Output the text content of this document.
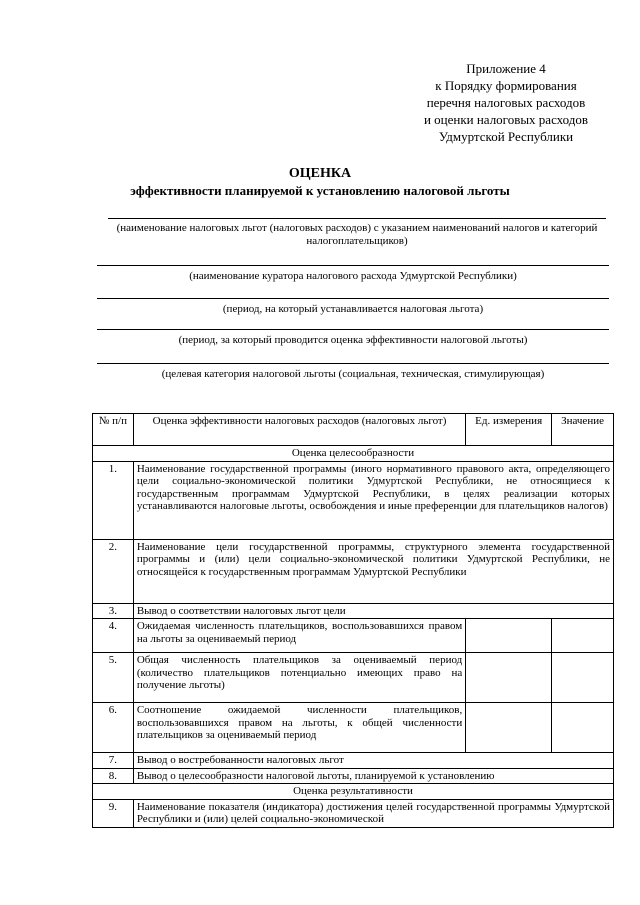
Приложение 4
к Порядку формирования
перечня налоговых расходов
и оценки налоговых расходов
Удмуртской Республики
ОЦЕНКА
эффективности планируемой к установлению налоговой льготы
(наименование налоговых льгот (налоговых расходов) с указанием наименований налогов и категорий налогоплательщиков)
(наименование куратора налогового расхода Удмуртской Республики)
(период, на который устанавливается налоговая льгота)
(период, за который проводится оценка эффективности налоговой льготы)
(целевая категория налоговой льготы (социальная, техническая, стимулирующая)
№ п/п	Оценка эффективности налоговых расходов (налоговых льгот)	Ед. измерения	Значение
Оценка целесообразности			
1.	Наименование государственной программы (иного нормативного правового акта, определяющего цели социально-экономической политики Удмуртской Республики, не относящиеся к государственным программам Удмуртской Республики, в целях реализации которых устанавливаются налоговые льготы, освобождения и иные преференции для плательщиков налогов)		
2.	Наименование цели государственной программы, структурного элемента государственной программы и (или) цели социально-экономической политики Удмуртской Республики, не относящейся к государственным программам Удмуртской Республики		
3.	Вывод о соответствии налоговых льгот цели		
4.	Ожидаемая численность плательщиков, воспользовавшихся правом на льготы за оцениваемый период		
5.	Общая численность плательщиков за оцениваемый период (количество плательщиков потенциально имеющих право на получение льготы)		
6.	Соотношение ожидаемой численности плательщиков, воспользовавшихся правом на льготы, к общей численности плательщиков за оцениваемый период		
7.	Вывод о востребованности налоговых льгот		
8.	Вывод о целесообразности налоговой льготы, планируемой к установлению		
Оценка результативности			
9.	Наименование показателя (индикатора) достижения целей государственной программы Удмуртской Республики и (или) целей социально-экономической		
